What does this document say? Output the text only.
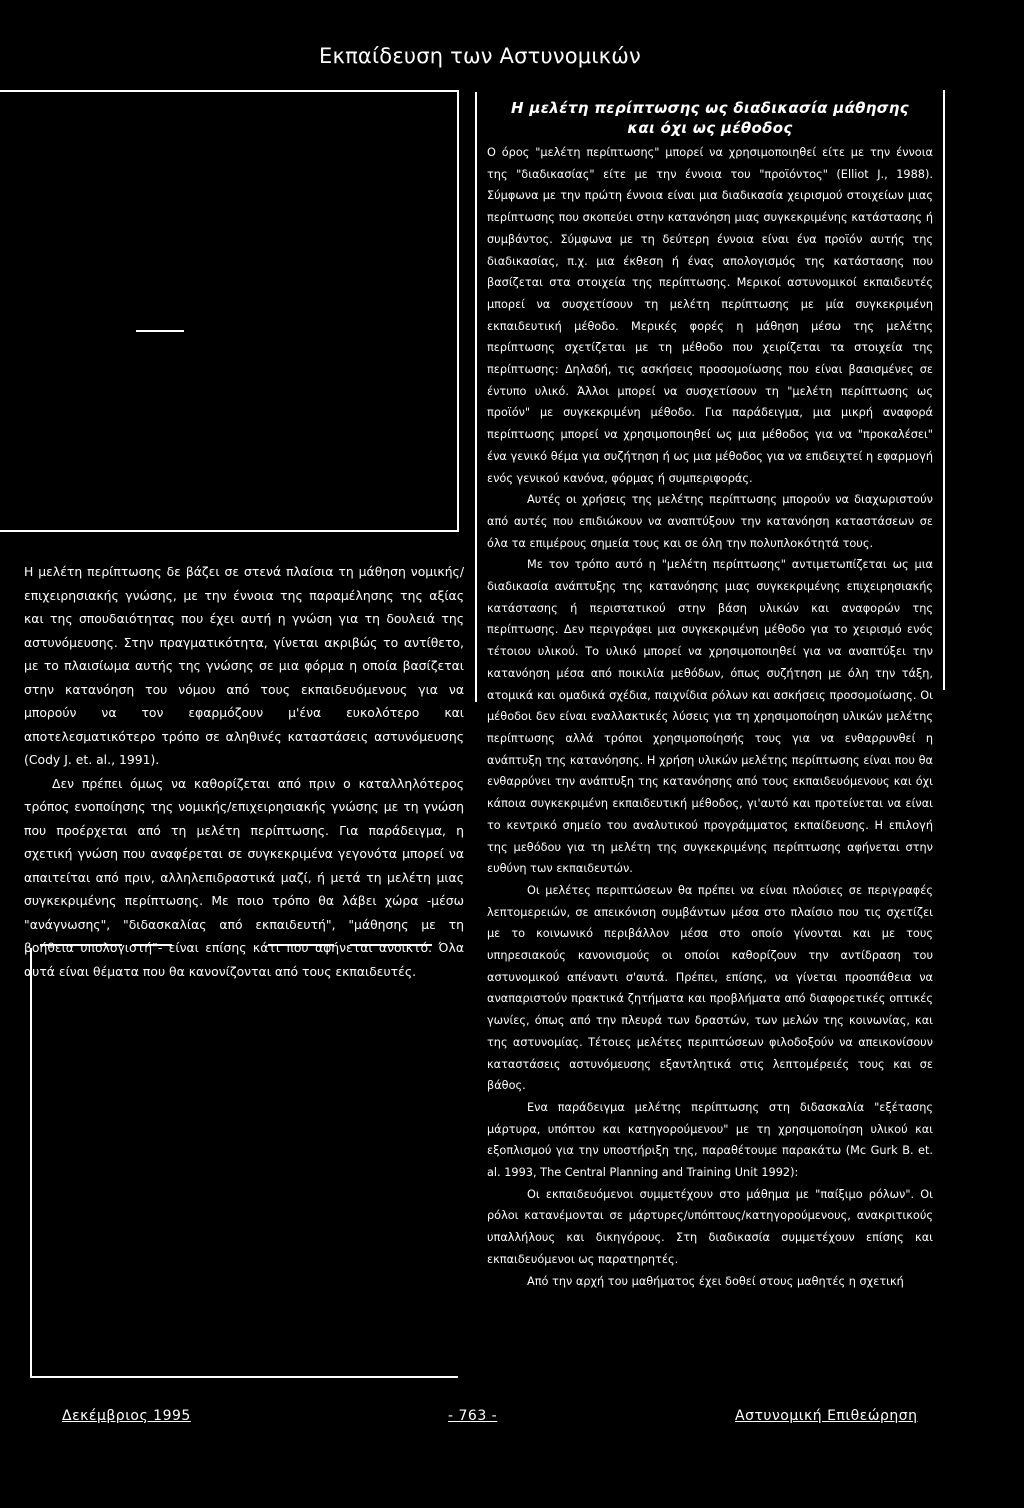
Εκπαίδευση των Αστυνομικών

Η μελέτη περίπτωσης δε βάζει σε στενά πλαίσια τη μάθηση νομικής/επιχειρησιακής γνώσης, με την έννοια της παραμέλησης της αξίας και της σπουδαιότητας που έχει αυτή η γνώση για τη δουλειά της αστυνόμευσης. Στην πραγματικότητα, γίνεται ακριβώς το αντίθετο, με το πλαισίωμα αυτής της γνώσης σε μια φόρμα η οποία βασίζεται στην κατανόηση του νόμου από τους εκπαιδευόμενους για να μπορούν να τον εφαρμόζουν μ'ένα ευκολότερο και αποτελεσματικότερο τρόπο σε αληθινές καταστάσεις αστυνόμευσης (Cody J. et. al., 1991).

Δεν πρέπει όμως να καθορίζεται από πριν ο καταλληλότερος τρόπος ενοποίησης της νομικής/επιχειρησιακής γνώσης με τη γνώση που προέρχεται από τη μελέτη περίπτωσης. Για παράδειγμα, η σχετική γνώση που αναφέρεται σε συγκεκριμένα γεγονότα μπορεί να απαιτείται από πριν, αλληλεπιδραστικά μαζί, ή μετά τη μελέτη μιας συγκεκριμένης περίπτωσης. Με ποιο τρόπο θα λάβει χώρα -μέσω "ανάγνωσης", "διδασκαλίας από εκπαιδευτή", "μάθησης με τη βοήθεια υπολογιστή"- είναι επίσης κάτι που αφήνεται ανοικτό. Όλα αυτά είναι θέματα που θα κανονίζονται από τους εκπαιδευτές.

Η μελέτη περίπτωσης ως διαδικασία μάθησης
και όχι ως μέθοδος

Ο όρος "μελέτη περίπτωσης" μπορεί να χρησιμοποιηθεί είτε με την έννοια της "διαδικασίας" είτε με την έννοια του "προϊόντος" (Elliot J., 1988). Σύμφωνα με την πρώτη έννοια είναι μια διαδικασία χειρισμού στοιχείων μιας περίπτωσης που σκοπεύει στην κατανόηση μιας συγκεκριμένης κατάστασης ή συμβάντος. Σύμφωνα με τη δεύτερη έννοια είναι ένα προϊόν αυτής της διαδικασίας, π.χ. μια έκθεση ή ένας απολογισμός της κατάστασης που βασίζεται στα στοιχεία της περίπτωσης. Μερικοί αστυνομικοί εκπαιδευτές μπορεί να συσχετίσουν τη μελέτη περίπτωσης με μία συγκεκριμένη εκπαιδευτική μέθοδο. Μερικές φορές η μάθηση μέσω της μελέτης περίπτωσης σχετίζεται με τη μέθοδο που χειρίζεται τα στοιχεία της περίπτωσης: Δηλαδή, τις ασκήσεις προσομοίωσης που είναι βασισμένες σε έντυπο υλικό. Άλλοι μπορεί να συσχετίσουν τη "μελέτη περίπτωσης ως προϊόν" με συγκεκριμένη μέθοδο. Για παράδειγμα, μια μικρή αναφορά περίπτωσης μπορεί να χρησιμοποιηθεί ως μια μέθοδος για να "προκαλέσει" ένα γενικό θέμα για συζήτηση ή ως μια μέθοδος για να επιδειχτεί η εφαρμογή ενός γενικού κανόνα, φόρμας ή συμπεριφοράς.

Αυτές οι χρήσεις της μελέτης περίπτωσης μπορούν να διαχωριστούν από αυτές που επιδιώκουν να αναπτύξουν την κατανόηση καταστάσεων σε όλα τα επιμέρους σημεία τους και σε όλη την πολυπλοκότητά τους.

Με τον τρόπο αυτό η "μελέτη περίπτωσης" αντιμετωπίζεται ως μια διαδικασία ανάπτυξης της κατανόησης μιας συγκεκριμένης επιχειρησιακής κατάστασης ή περιστατικού στην βάση υλικών και αναφορών της περίπτωσης. Δεν περιγράφει μια συγκεκριμένη μέθοδο για το χειρισμό ενός τέτοιου υλικού. Το υλικό μπορεί να χρησιμοποιηθεί για να αναπτύξει την κατανόηση μέσα από ποικιλία μεθόδων, όπως συζήτηση με όλη την τάξη, ατομικά και ομαδικά σχέδια, παιχνίδια ρόλων και ασκήσεις προσομοίωσης. Οι μέθοδοι δεν είναι εναλλακτικές λύσεις για τη χρησιμοποίηση υλικών μελέτης περίπτωσης αλλά τρόποι χρησιμοποίησής τους για να ενθαρρυνθεί η ανάπτυξη της κατανόησης. Η χρήση υλικών μελέτης περίπτωσης είναι που θα ενθαρρύνει την ανάπτυξη της κατανόησης από τους εκπαιδευόμενους και όχι κάποια συγκεκριμένη εκπαιδευτική μέθοδος, γι'αυτό και προτείνεται να είναι το κεντρικό σημείο του αναλυτικού προγράμματος εκπαίδευσης. Η επιλογή της μεθόδου για τη μελέτη της συγκεκριμένης περίπτωσης αφήνεται στην ευθύνη των εκπαιδευτών.

Οι μελέτες περιπτώσεων θα πρέπει να είναι πλούσιες σε περιγραφές λεπτομερειών, σε απεικόνιση συμβάντων μέσα στο πλαίσιο που τις σχετίζει με το κοινωνικό περιβάλλον μέσα στο οποίο γίνονται και με τους υπηρεσιακούς κανονισμούς οι οποίοι καθορίζουν την αντίδραση του αστυνομικού απέναντι σ'αυτά. Πρέπει, επίσης, να γίνεται προσπάθεια να αναπαριστούν πρακτικά ζητήματα και προβλήματα από διαφορετικές οπτικές γωνίες, όπως από την πλευρά των δραστών, των μελών της κοινωνίας, και της αστυνομίας. Τέτοιες μελέτες περιπτώσεων φιλοδοξούν να απεικονίσουν καταστάσεις αστυνόμευσης εξαντλητικά στις λεπτομέρειές τους και σε βάθος.

Ενα παράδειγμα μελέτης περίπτωσης στη διδασκαλία "εξέτασης μάρτυρα, υπόπτου και κατηγορούμενου" με τη χρησιμοποίηση υλικού και εξοπλισμού για την υποστήριξη της, παραθέτουμε παρακάτω (Mc Gurk B. et. al. 1993, The Central Planning and Training Unit 1992):

Οι εκπαιδευόμενοι συμμετέχουν στο μάθημα με "παίξιμο ρόλων". Οι ρόλοι κατανέμονται σε μάρτυρες/υπόπτους/κατηγορούμενους, ανακριτικούς υπαλλήλους και δικηγόρους. Στη διαδικασία συμμετέχουν επίσης και εκπαιδευόμενοι ως παρατηρητές.

Από την αρχή του μαθήματος έχει δοθεί στους μαθητές η σχετική

Δεκέμβριος 1995	- 763 -	Αστυνομική Επιθεώρηση
